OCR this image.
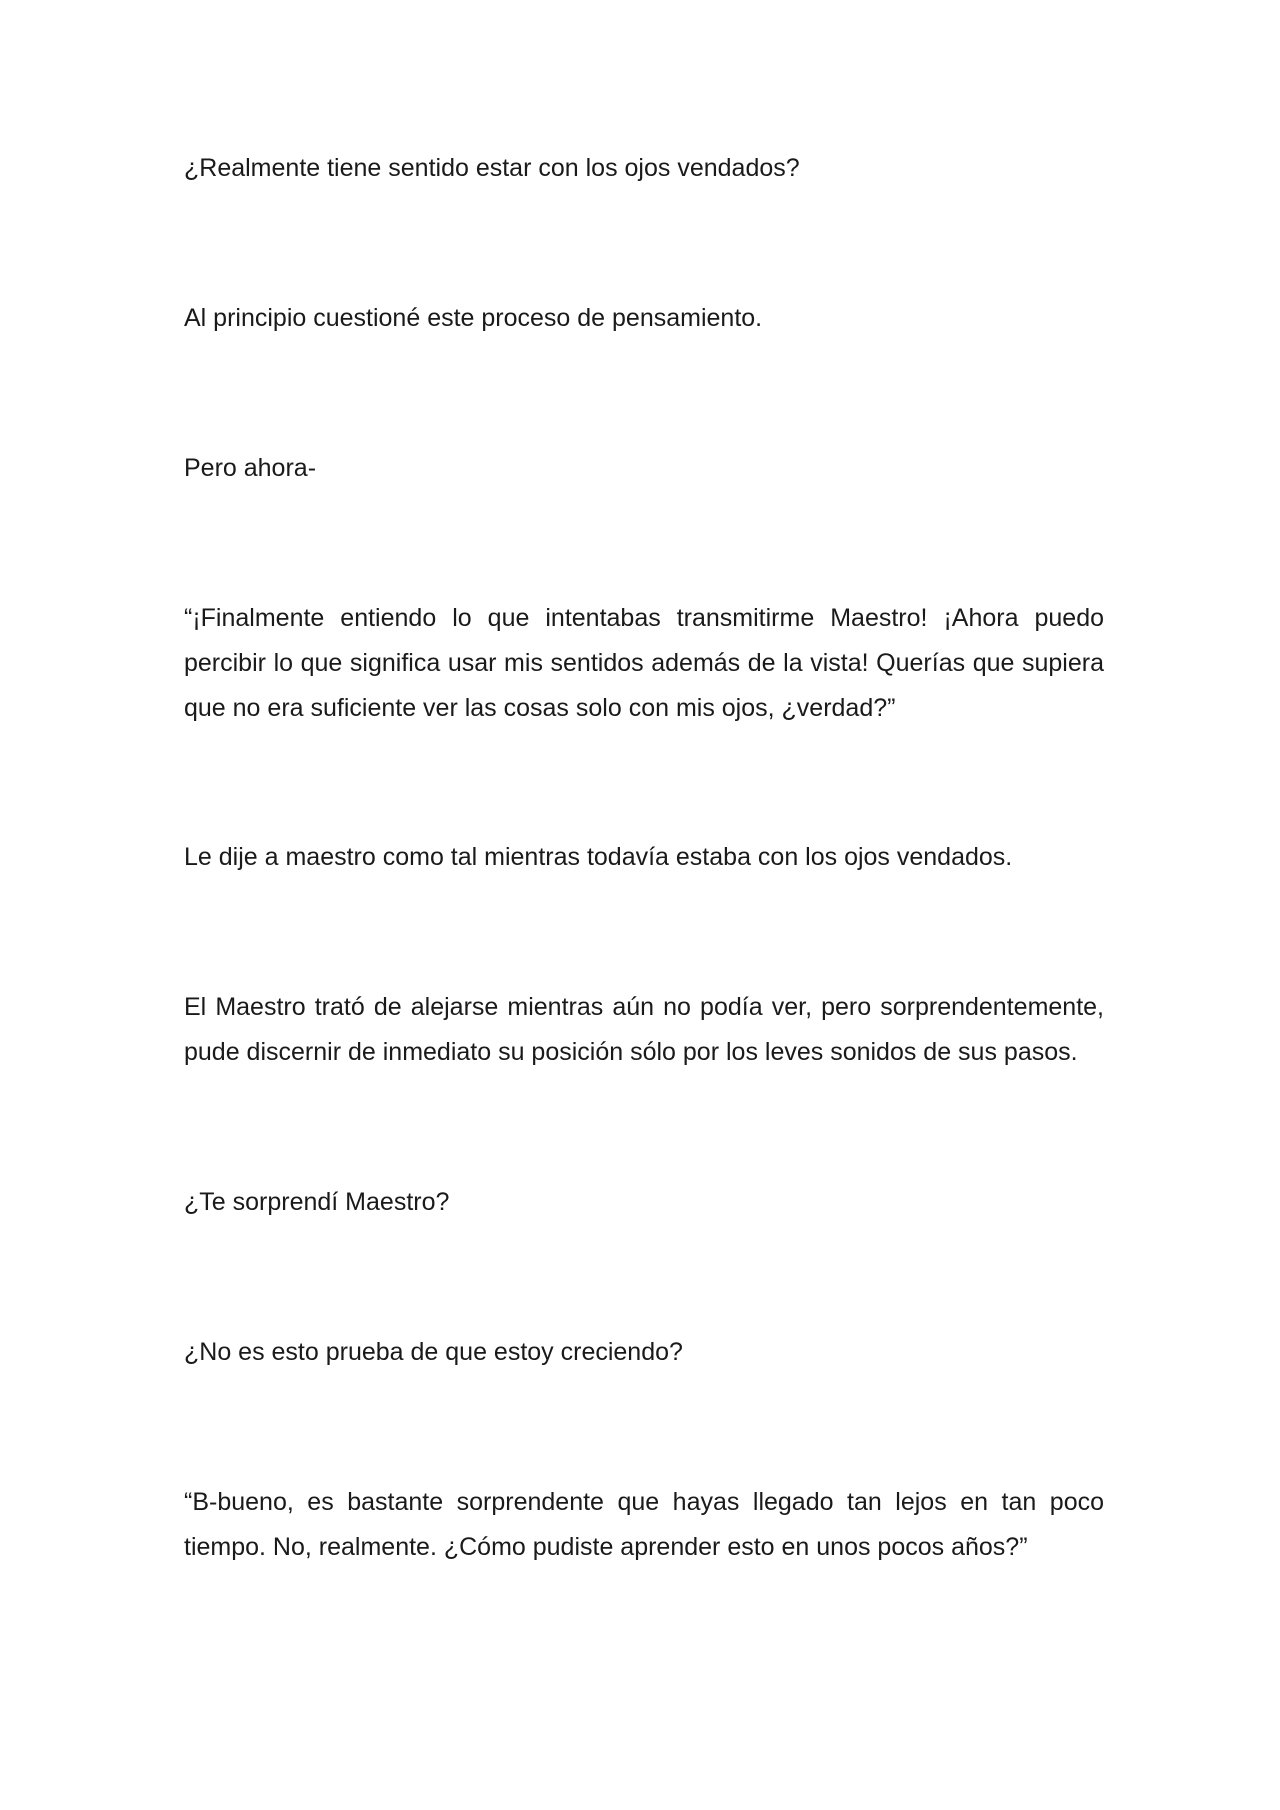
¿Realmente tiene sentido estar con los ojos vendados?

Al principio cuestioné este proceso de pensamiento.

Pero ahora-

“¡Finalmente entiendo lo que intentabas transmitirme Maestro! ¡Ahora puedo percibir lo que significa usar mis sentidos además de la vista! Querías que supiera que no era suficiente ver las cosas solo con mis ojos, ¿verdad?”

Le dije a maestro como tal mientras todavía estaba con los ojos vendados.

El Maestro trató de alejarse mientras aún no podía ver, pero sorprendentemente, pude discernir de inmediato su posición sólo por los leves sonidos de sus pasos.

¿Te sorprendí Maestro?

¿No es esto prueba de que estoy creciendo?

“B-bueno, es bastante sorprendente que hayas llegado tan lejos en tan poco tiempo. No, realmente. ¿Cómo pudiste aprender esto en unos pocos años?”
